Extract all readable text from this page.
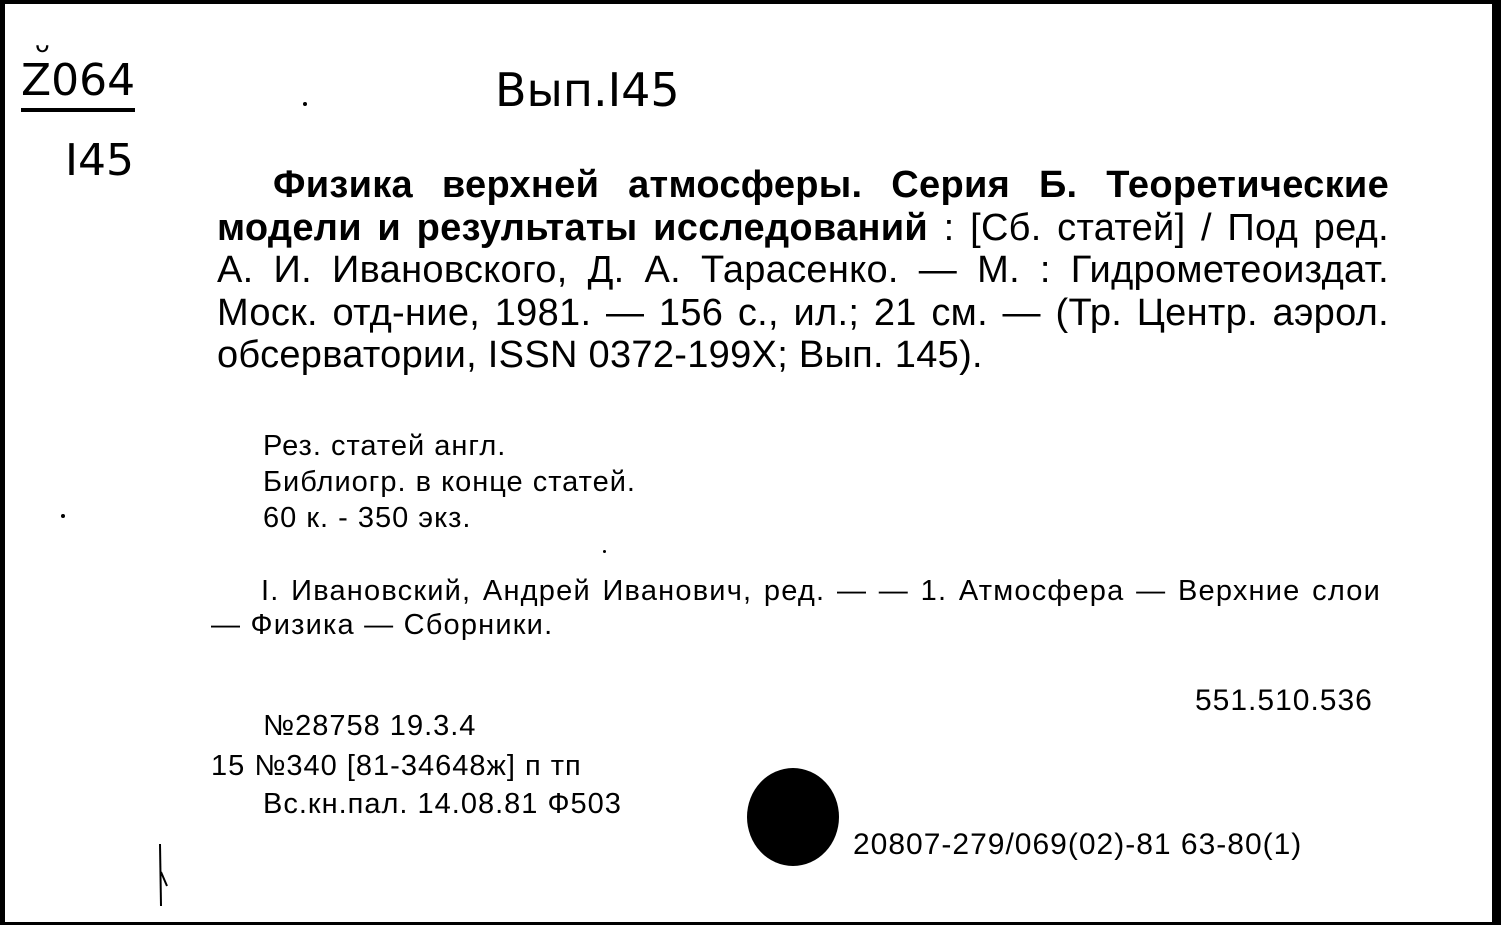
ᴗ
Z064
I45
Вып.I45
Физика верхней атмосферы. Серия Б. Теоретические модели и результаты исследований : [Сб. статей] / Под ред. А. И. Ивановского, Д. А. Тарасенко. — М. : Гидрометеоиздат. Моск. отд-ние, 1981. — 156 с., ил.; 21 см. — (Тр. Центр. аэрол. обсерватории, ISSN 0372-199X; Вып. 145).
Рез. статей англ.
Библиогр. в конце статей.
60 к. ‑ 350 экз.
I. Ивановский, Андрей Иванович, ред. — — 1. Атмосфера — Верхние слои — Физика — Сборники.
551.510.536
№28758 19.3.4
15 №340 [81-34648ж] п тп
Вс.кн.пал. 14.08.81 Ф503
20807-279/069(02)-81 63-80(1)
